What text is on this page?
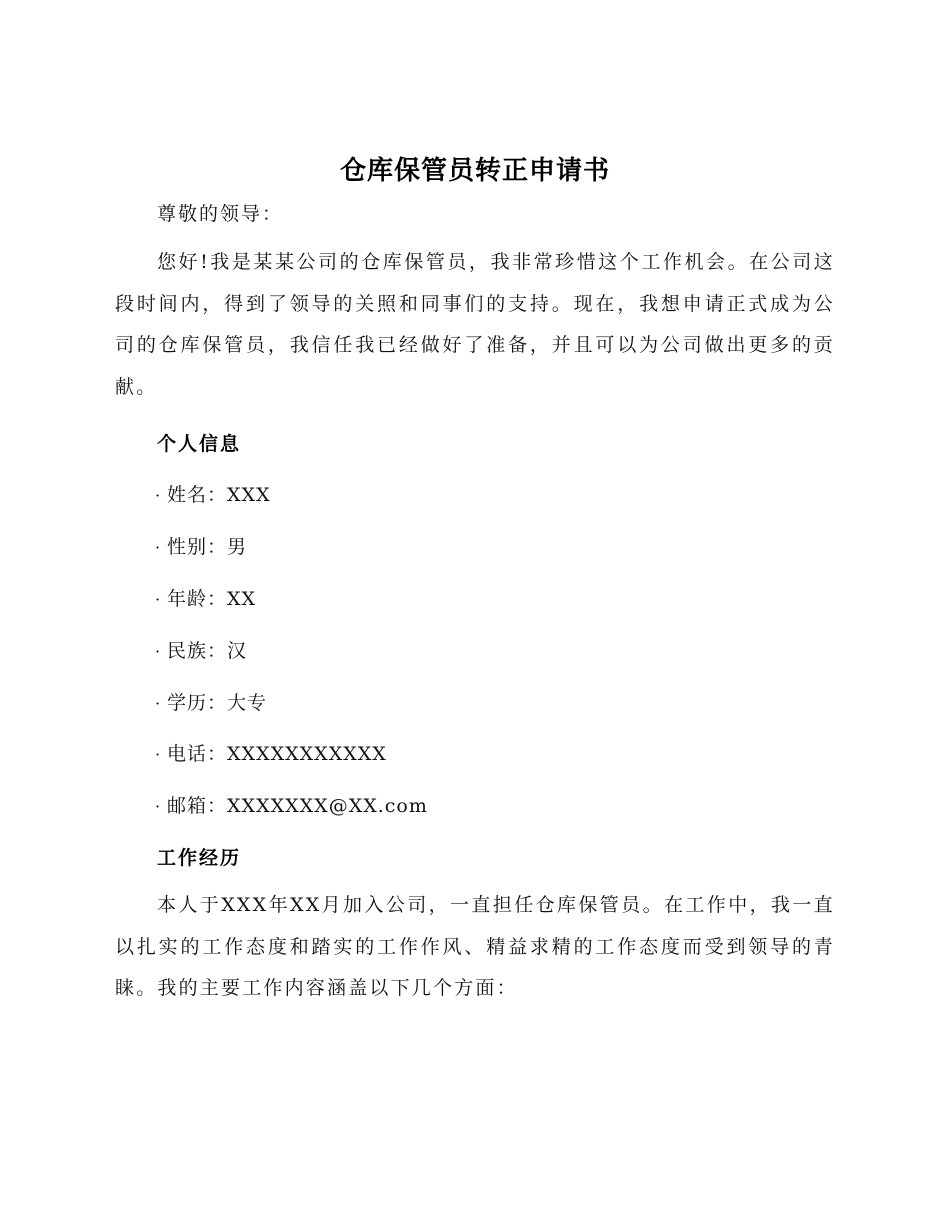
仓库保管员转正申请书
尊敬的领导：
您好!我是某某公司的仓库保管员，我非常珍惜这个工作机会。在公司这段时间内，得到了领导的关照和同事们的支持。现在，我想申请正式成为公司的仓库保管员，我信任我已经做好了准备，并且可以为公司做出更多的贡献。
个人信息
· 姓名：XXX
· 性别：男
· 年龄：XX
· 民族：汉
· 学历：大专
· 电话：XXXXXXXXXXX
· 邮箱：XXXXXXX@XX.com
工作经历
本人于XXX年XX月加入公司，一直担任仓库保管员。在工作中，我一直以扎实的工作态度和踏实的工作作风、精益求精的工作态度而受到领导的青睐。我的主要工作内容涵盖以下几个方面：
